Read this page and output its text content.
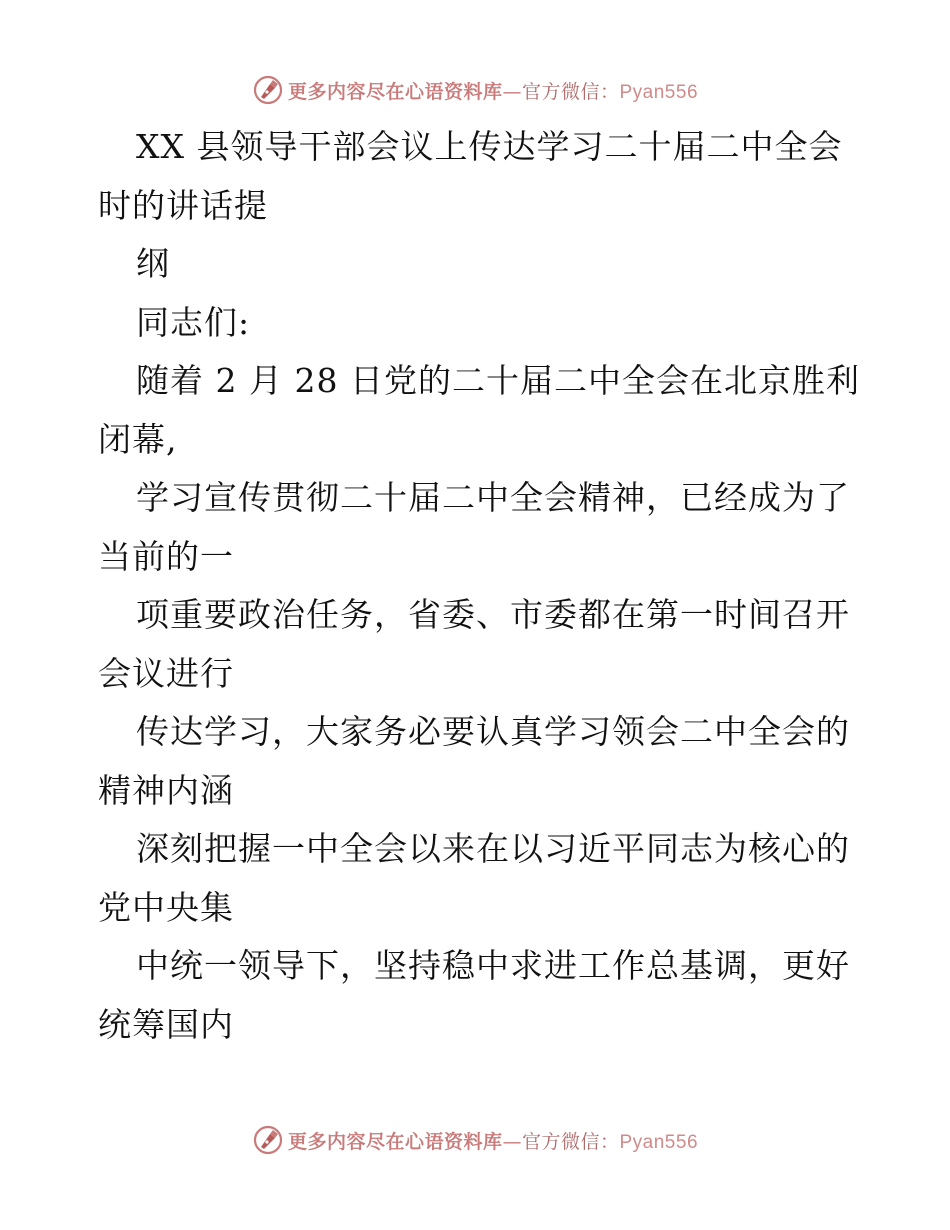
更多内容尽在心语资料库—官方微信：Pyan556
XX 县领导干部会议上传达学习二十届二中全会
时的讲话提
纲
同志们:
随着 2 月 28 日党的二十届二中全会在北京胜利
闭幕,
学习宣传贯彻二十届二中全会精神，已经成为了
当前的一
项重要政治任务，省委、市委都在第一时间召开
会议进行
传达学习，大家务必要认真学习领会二中全会的
精神内涵
深刻把握一中全会以来在以习近平同志为核心的
党中央集
中统一领导下，坚持稳中求进工作总基调，更好
统筹国内
更多内容尽在心语资料库—官方微信：Pyan556
